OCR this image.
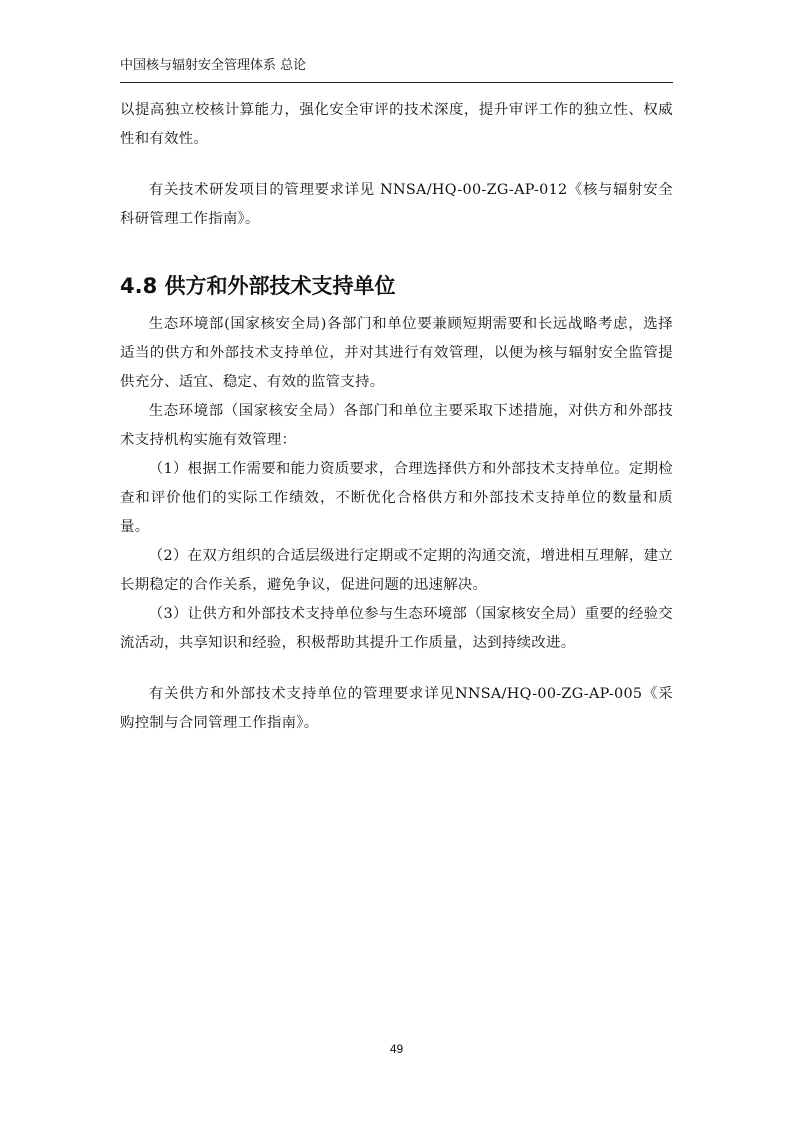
中国核与辐射安全管理体系 总论

以提高独立校核计算能力，强化安全审评的技术深度，提升审评工作的独立性、权威性和有效性。

有关技术研发项目的管理要求详见 NNSA/HQ-00-ZG-AP-012《核与辐射安全科研管理工作指南》。

4.8 供方和外部技术支持单位

生态环境部(国家核安全局)各部门和单位要兼顾短期需要和长远战略考虑，选择适当的供方和外部技术支持单位，并对其进行有效管理，以便为核与辐射安全监管提供充分、适宜、稳定、有效的监管支持。

生态环境部（国家核安全局）各部门和单位主要采取下述措施，对供方和外部技术支持机构实施有效管理：

（1）根据工作需要和能力资质要求，合理选择供方和外部技术支持单位。定期检查和评价他们的实际工作绩效，不断优化合格供方和外部技术支持单位的数量和质量。

（2）在双方组织的合适层级进行定期或不定期的沟通交流，增进相互理解，建立长期稳定的合作关系，避免争议，促进问题的迅速解决。

（3）让供方和外部技术支持单位参与生态环境部（国家核安全局）重要的经验交流活动，共享知识和经验，积极帮助其提升工作质量，达到持续改进。

有关供方和外部技术支持单位的管理要求详见NNSA/HQ-00-ZG-AP-005《采购控制与合同管理工作指南》。

49
